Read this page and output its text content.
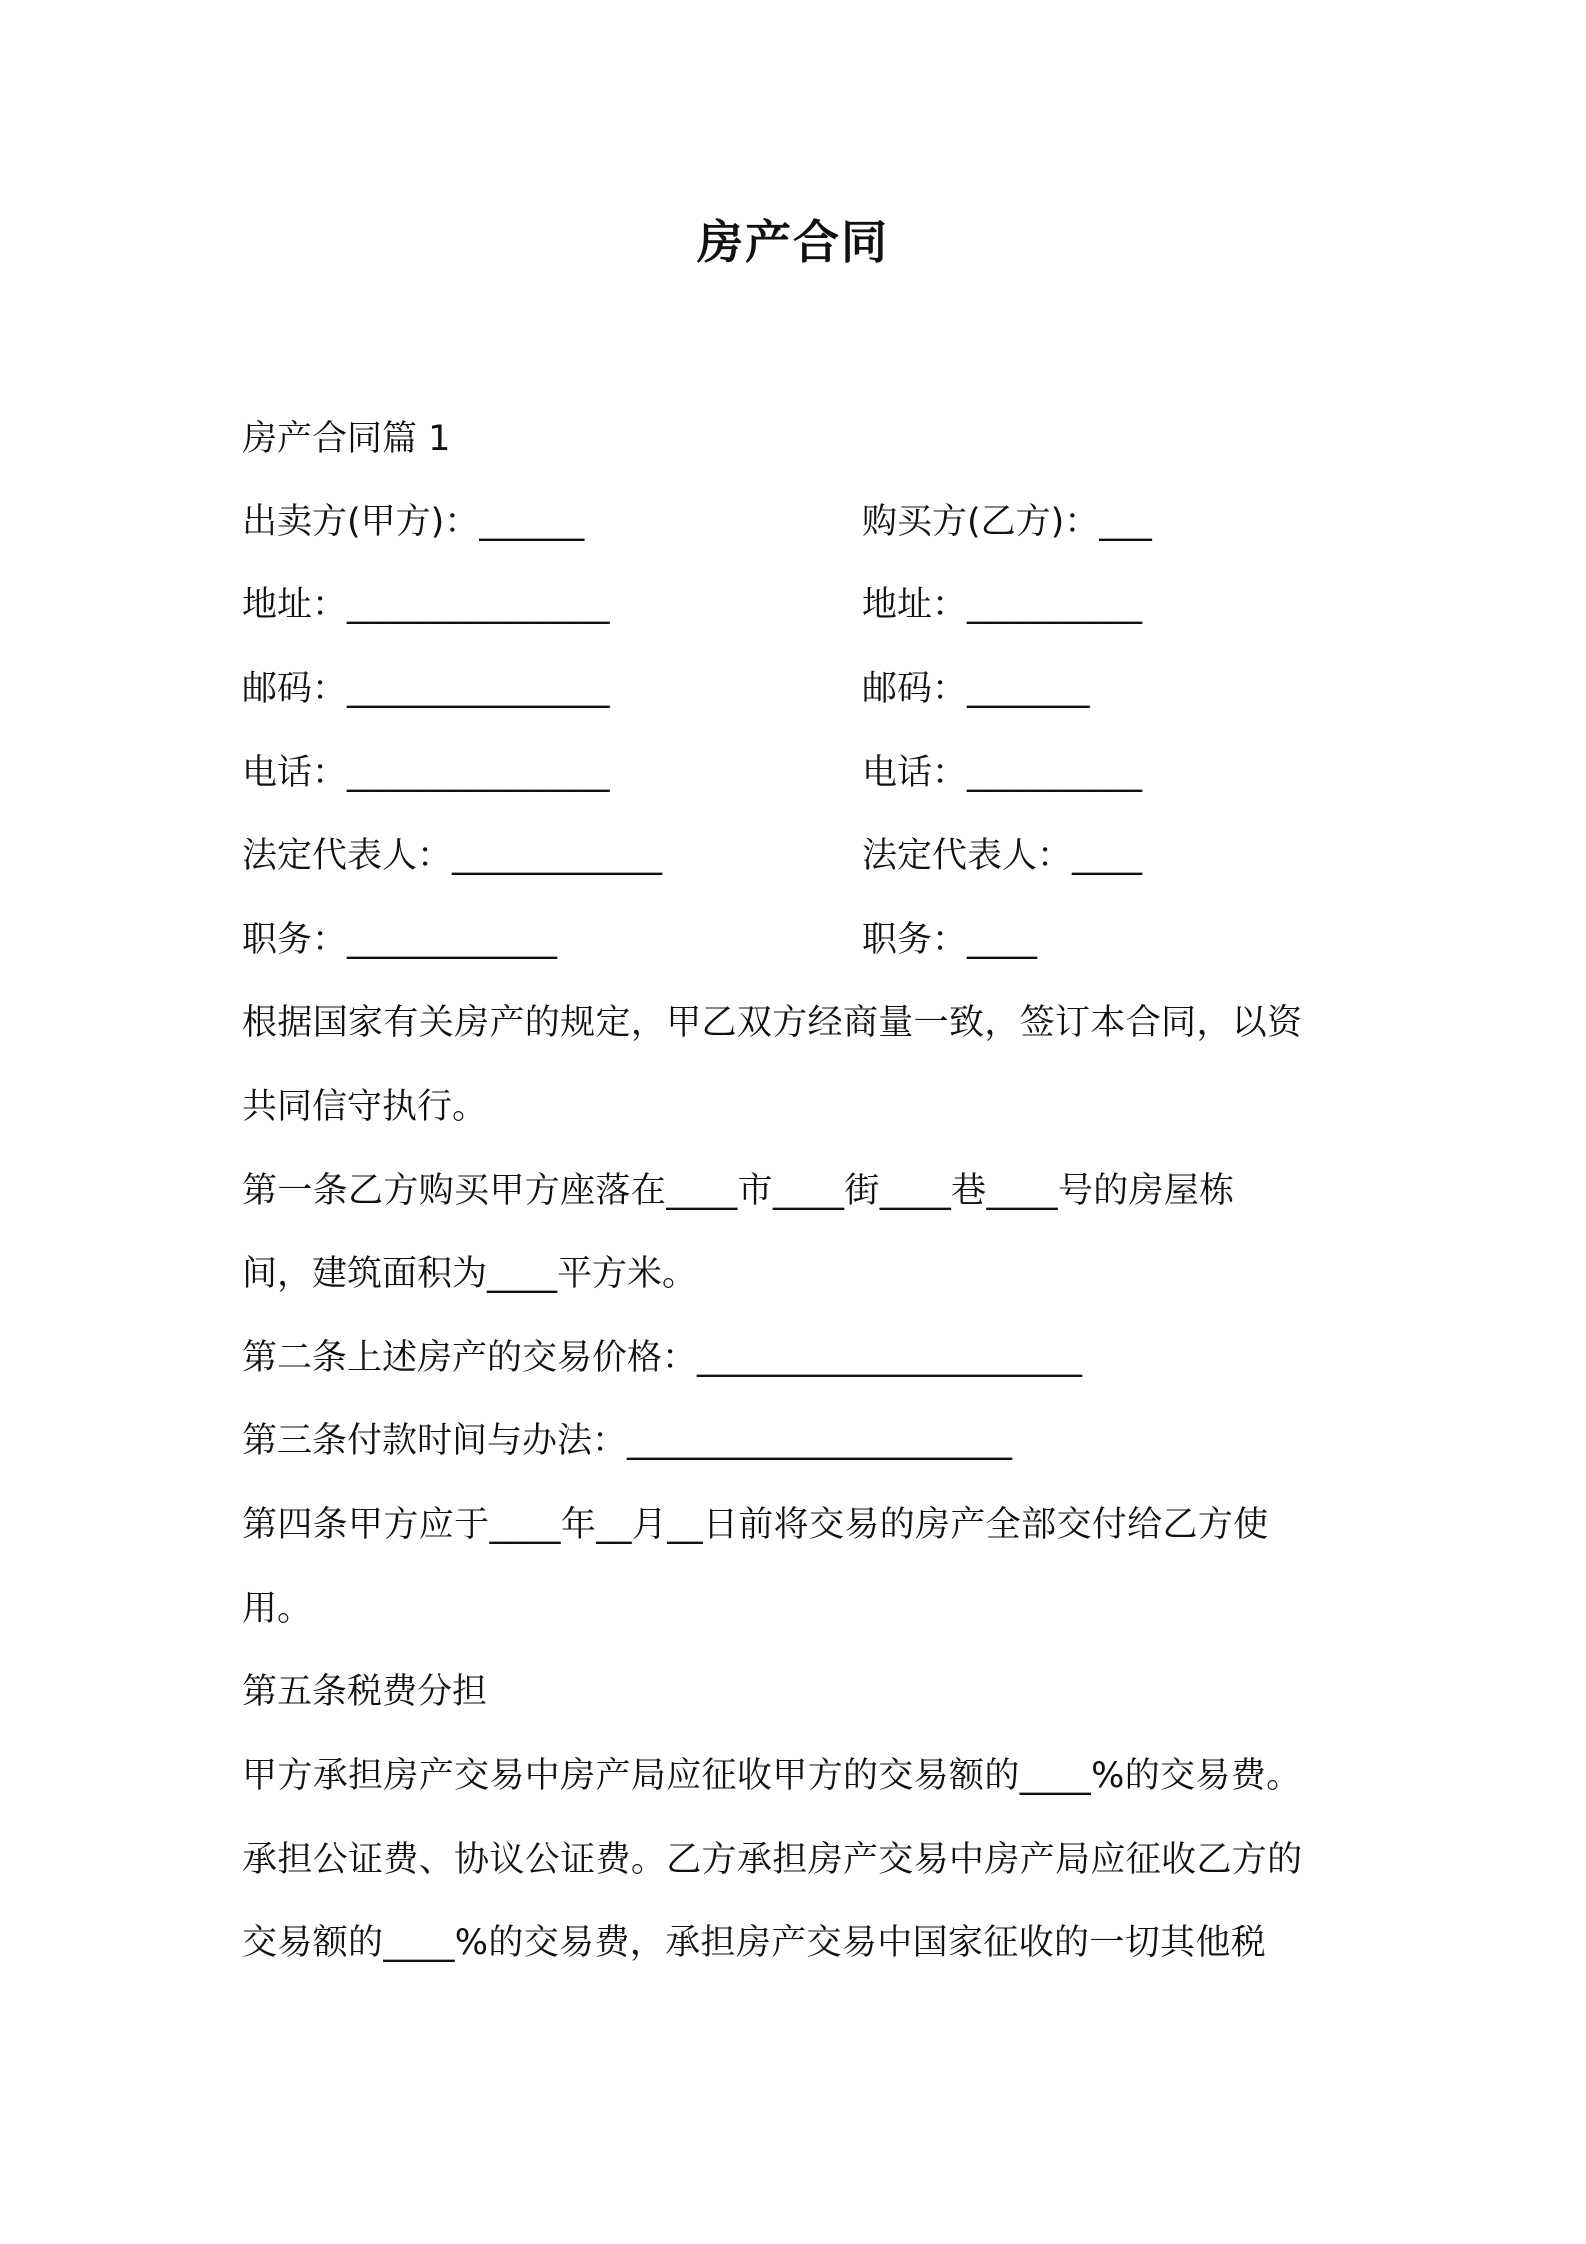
房产合同
房产合同篇 1
出卖方(甲方)：______
地址：_______________
邮码：_______________
电话：_______________
法定代表人：____________
职务：____________
购买方(乙方)：___
地址：__________
邮码：_______
电话：__________
法定代表人：____
职务：____
根据国家有关房产的规定，甲乙双方经商量一致，签订本合同，以资
共同信守执行。
第一条乙方购买甲方座落在____市____街____巷____号的房屋栋
间，建筑面积为____平方米。
第二条上述房产的交易价格：______________________
第三条付款时间与办法：______________________
第四条甲方应于____年__月__日前将交易的房产全部交付给乙方使
用。
第五条税费分担
甲方承担房产交易中房产局应征收甲方的交易额的____%的交易费。
承担公证费、协议公证费。乙方承担房产交易中房产局应征收乙方的
交易额的____%的交易费，承担房产交易中国家征收的一切其他税
